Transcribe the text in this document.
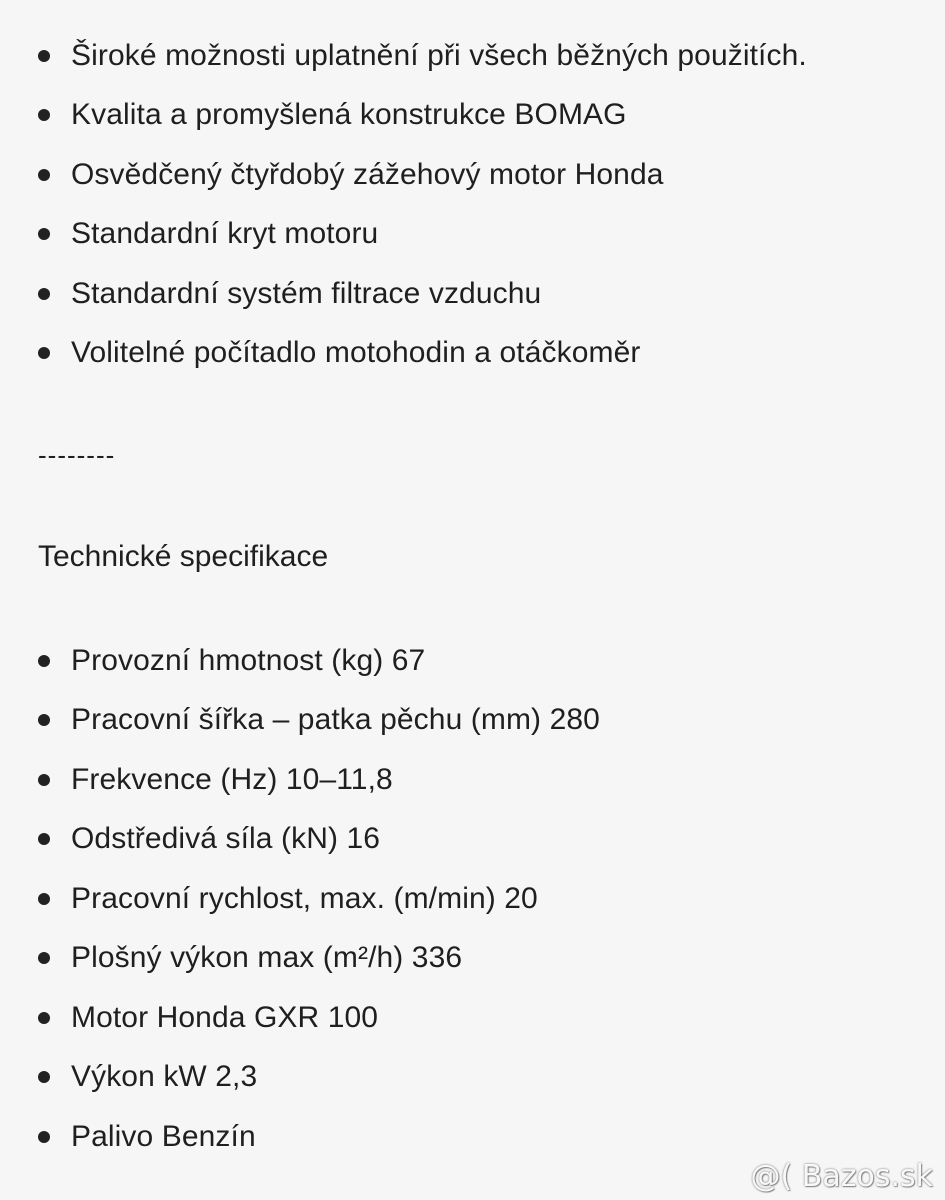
Široké možnosti uplatnění při všech běžných použitích.
Kvalita a promyšlená konstrukce BOMAG
Osvědčený čtyřdobý zážehový motor Honda
Standardní kryt motoru
Standardní systém filtrace vzduchu
Volitelné počítadlo motohodin a otáčkoměr
--------
Technické specifikace
Provozní hmotnost (kg) 67
Pracovní šířka – patka pěchu (mm) 280
Frekvence (Hz) 10–11,8
Odstředivá síla (kN) 16
Pracovní rychlost, max. (m/min) 20
Plošný výkon max (m²/h) 336
Motor Honda GXR 100
Výkon kW 2,3
Palivo Benzín
@( Bazos.sk
